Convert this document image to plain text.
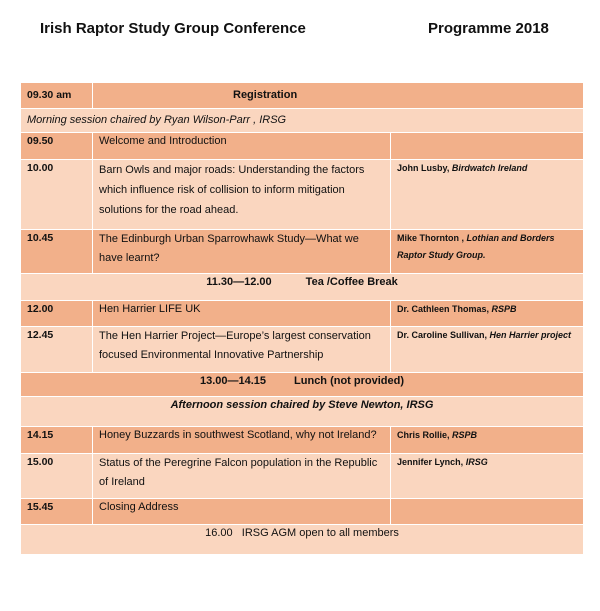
Irish Raptor Study Group Conference	Programme 2018
09.30 am	Registration	
Morning session chaired by Ryan Wilson-Parr , IRSG		
09.50	Welcome and Introduction	
10.00	Barn Owls and major roads: Understanding the factors which influence risk of collision to inform mitigation solutions for the road ahead.	John Lusby, Birdwatch Ireland
10.45	The Edinburgh Urban Sparrowhawk Study—What we have learnt?	Mike Thornton , Lothian and Borders Raptor Study Group.
11.30—12.00 Tea /Coffee Break		
12.00	Hen Harrier LIFE UK	Dr. Cathleen Thomas, RSPB
12.45	The Hen Harrier Project—Europe’s largest conservation focused Environmental Innovative Partnership	Dr. Caroline Sullivan, Hen Harrier project
13.00—14.15 Lunch (not provided)		
Afternoon session chaired by Steve Newton, IRSG		
14.15	Honey Buzzards in southwest Scotland, why not Ireland?	Chris Rollie, RSPB
15.00	Status of the Peregrine Falcon population in the Republic of Ireland	Jennifer Lynch, IRSG
15.45	Closing Address	
16.00   IRSG AGM open to all members		
